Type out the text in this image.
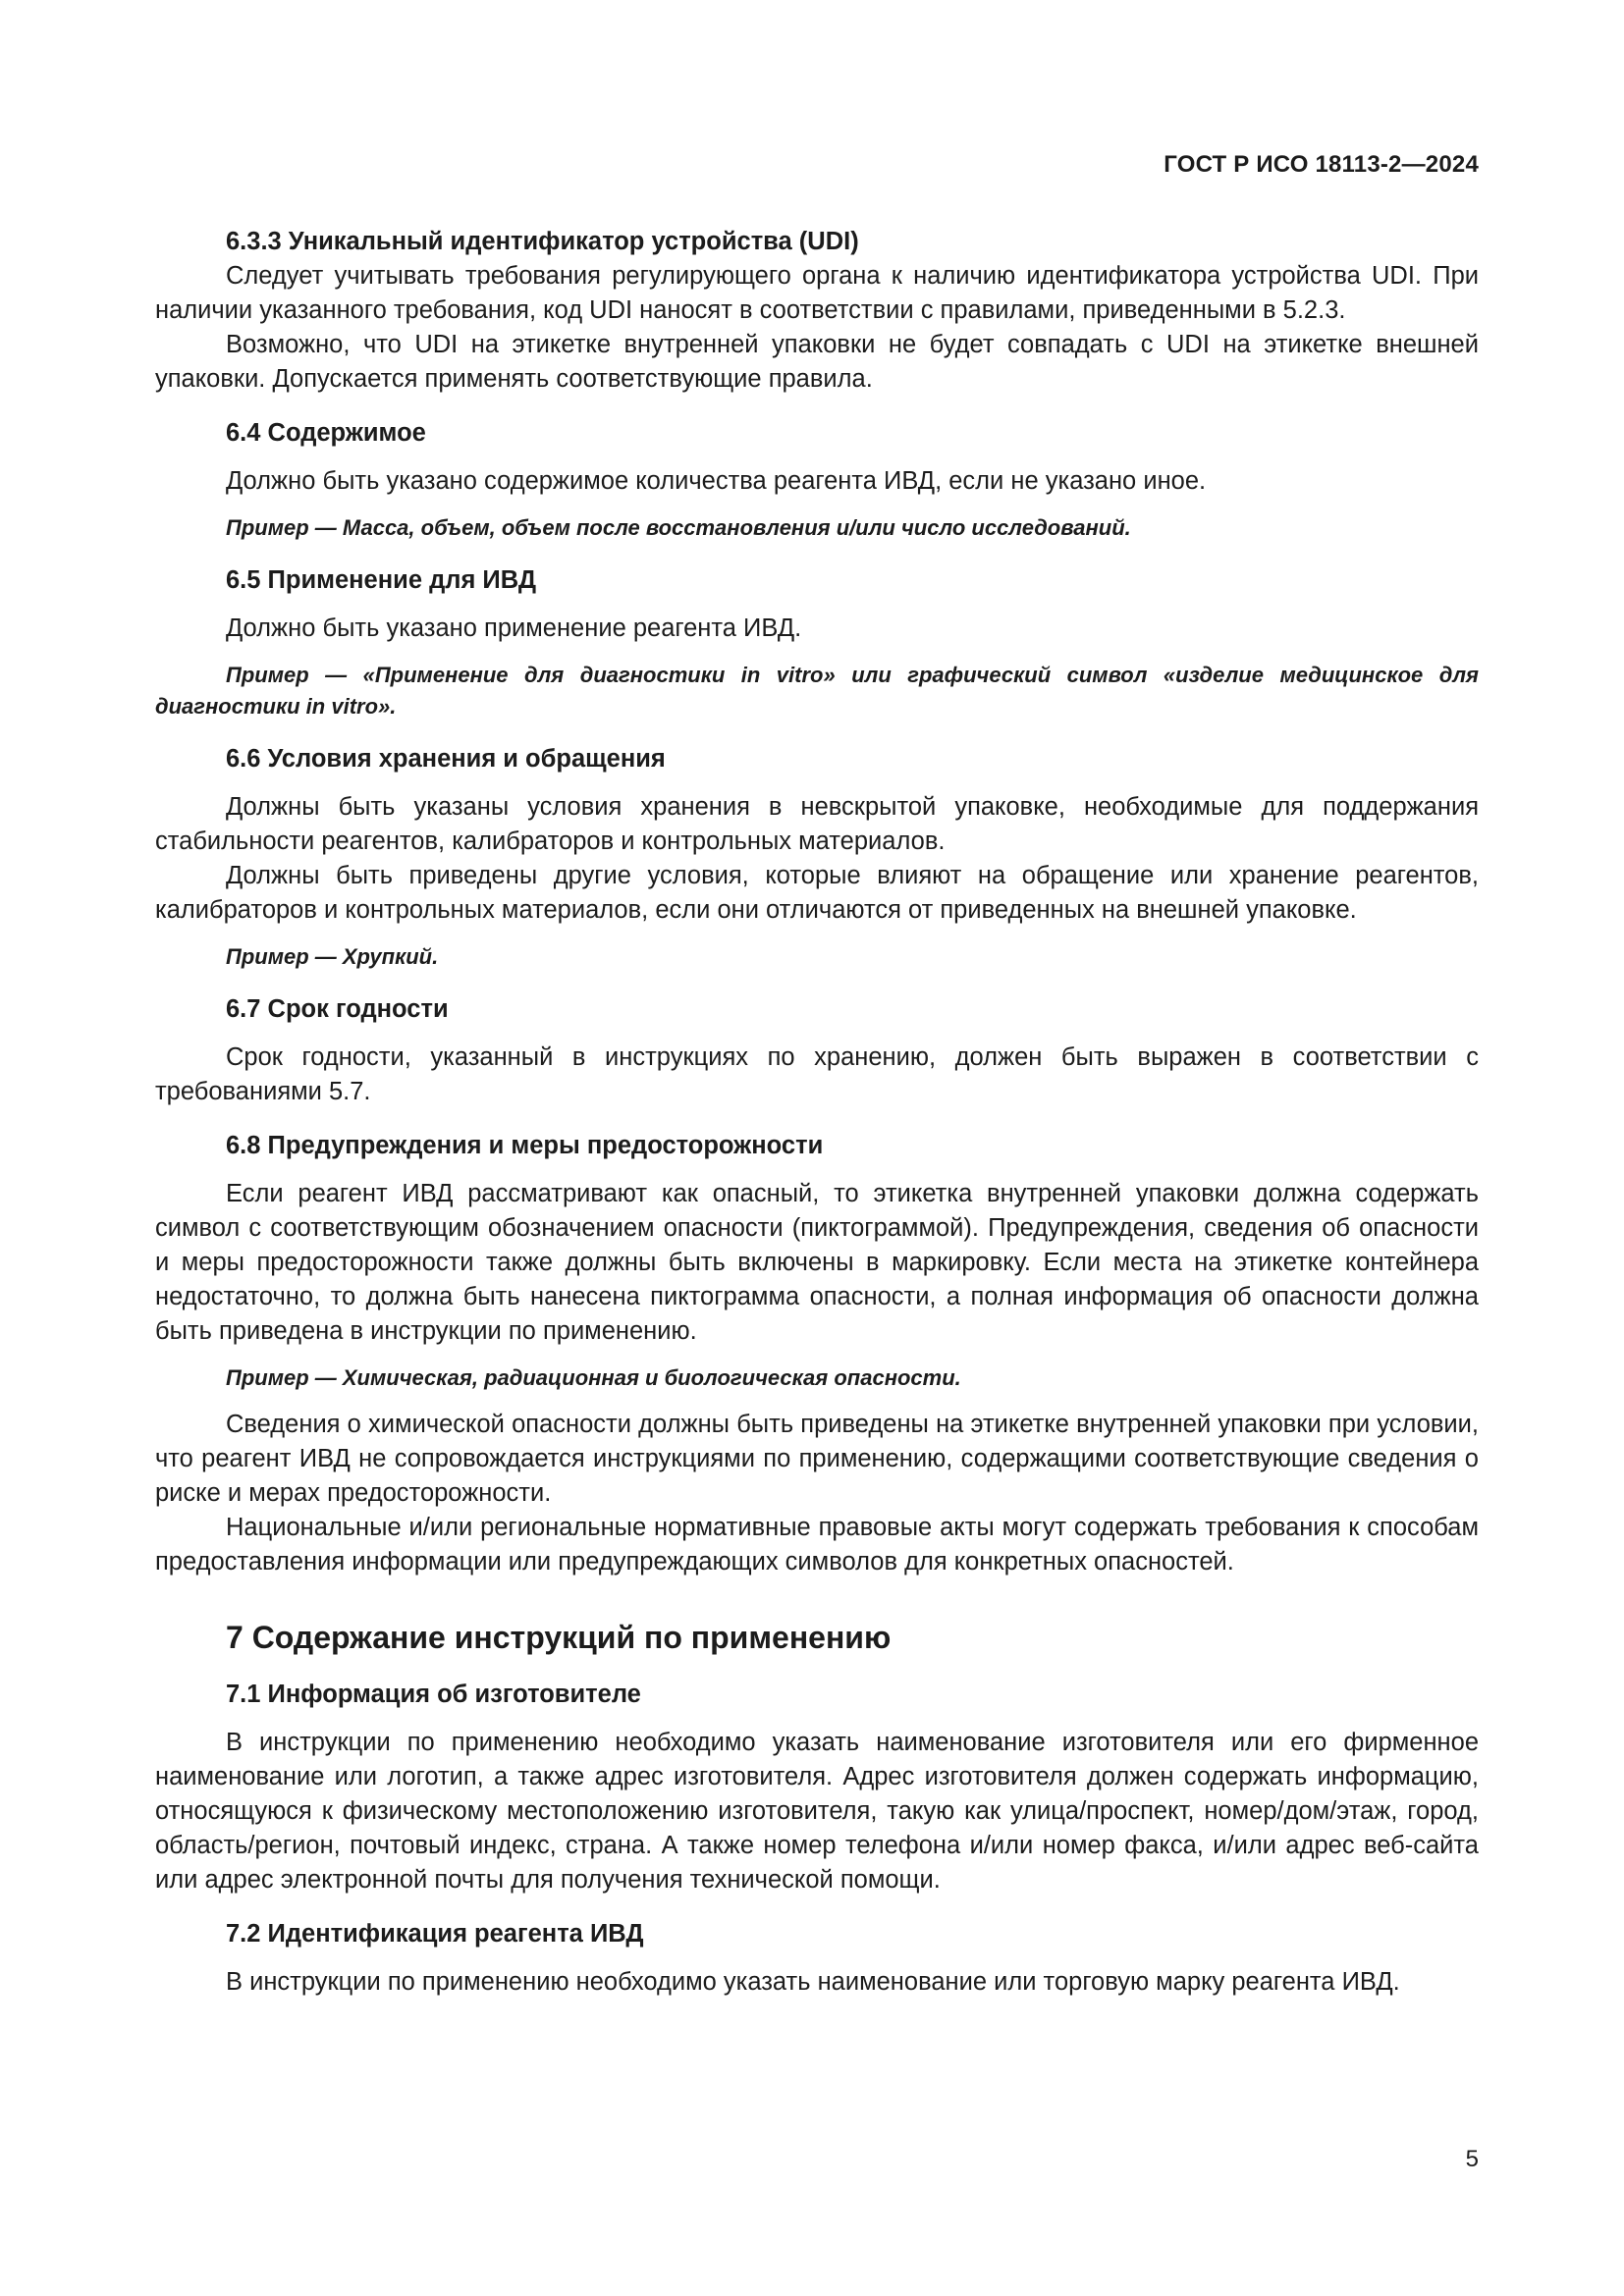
ГОСТ Р ИСО 18113-2—2024

6.3.3 Уникальный идентификатор устройства (UDI)

Следует учитывать требования регулирующего органа к наличию идентификатора устройства UDI. При наличии указанного требования, код UDI наносят в соответствии с правилами, приведенными в 5.2.3.

Возможно, что UDI на этикетке внутренней упаковки не будет совпадать с UDI на этикетке внешней упаковки. Допускается применять соответствующие правила.

6.4 Содержимое

Должно быть указано содержимое количества реагента ИВД, если не указано иное.

Пример — Масса, объем, объем после восстановления и/или число исследований.

6.5 Применение для ИВД

Должно быть указано применение реагента ИВД.

Пример — «Применение для диагностики in vitro» или графический символ «изделие медицинское для диагностики in vitro».

6.6 Условия хранения и обращения

Должны быть указаны условия хранения в невскрытой упаковке, необходимые для поддержания стабильности реагентов, калибраторов и контрольных материалов.

Должны быть приведены другие условия, которые влияют на обращение или хранение реагентов, калибраторов и контрольных материалов, если они отличаются от приведенных на внешней упаковке.

Пример — Хрупкий.

6.7 Срок годности

Срок годности, указанный в инструкциях по хранению, должен быть выражен в соответствии с требованиями 5.7.

6.8 Предупреждения и меры предосторожности

Если реагент ИВД рассматривают как опасный, то этикетка внутренней упаковки должна содержать символ с соответствующим обозначением опасности (пиктограммой). Предупреждения, сведения об опасности и меры предосторожности также должны быть включены в маркировку. Если места на этикетке контейнера недостаточно, то должна быть нанесена пиктограмма опасности, а полная информация об опасности должна быть приведена в инструкции по применению.

Пример — Химическая, радиационная и биологическая опасности.

Сведения о химической опасности должны быть приведены на этикетке внутренней упаковки при условии, что реагент ИВД не сопровождается инструкциями по применению, содержащими соответствующие сведения о риске и мерах предосторожности.

Национальные и/или региональные нормативные правовые акты могут содержать требования к способам предоставления информации или предупреждающих символов для конкретных опасностей.

7 Содержание инструкций по применению

7.1 Информация об изготовителе

В инструкции по применению необходимо указать наименование изготовителя или его фирменное наименование или логотип, а также адрес изготовителя. Адрес изготовителя должен содержать информацию, относящуюся к физическому местоположению изготовителя, такую как улица/проспект, номер/дом/этаж, город, область/регион, почтовый индекс, страна. А также номер телефона и/или номер факса, и/или адрес веб-сайта или адрес электронной почты для получения технической помощи.

7.2 Идентификация реагента ИВД

В инструкции по применению необходимо указать наименование или торговую марку реагента ИВД.

5
